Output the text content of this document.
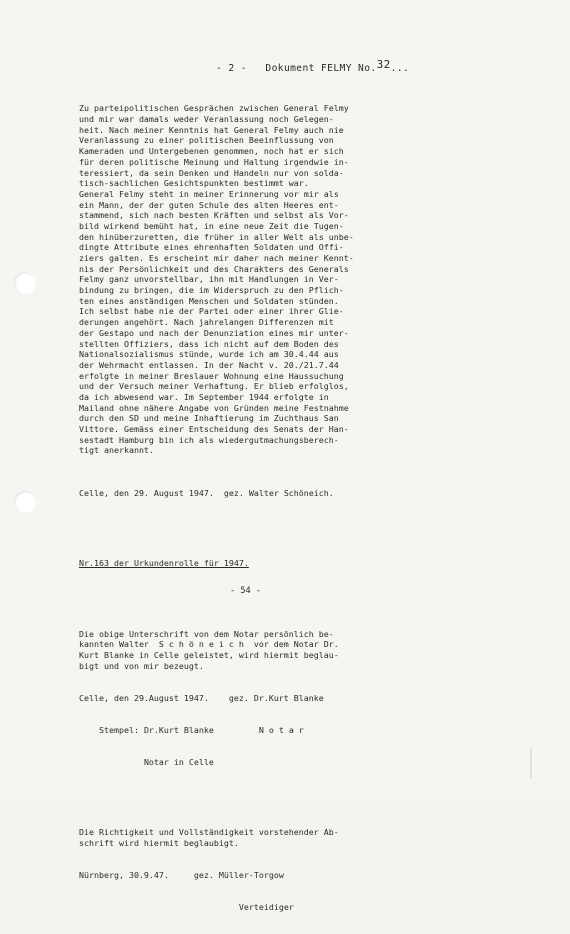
- 2 - Dokument FELMY No.32...

Zu parteipolitischen Gesprächen zwischen General Felmy
und mir war damals weder Veranlassung noch Gelegen-
heit. Nach meiner Kenntnis hat General Felmy auch nie
Veranlassung zu einer politischen Beeinflussung von
Kameraden und Untergebenen genommen, noch hat er sich
für deren politische Meinung und Haltung irgendwie in-
teressiert, da sein Denken und Handeln nur von solda-
tisch-sachlichen Gesichtspunkten bestimmt war.
General Felmy steht in meiner Erinnerung vor mir als
ein Mann, der der guten Schule des alten Heeres ent-
stammend, sich nach besten Kräften und selbst als Vor-
bild wirkend bemüht hat, in eine neue Zeit die Tugen-
den hinüberzuretten, die früher in aller Welt als unbe-
dingte Attribute eines ehrenhaften Soldaten und Offi-
ziers galten. Es erscheint mir daher nach meiner Kennt-
nis der Persönlichkeit und des Charakters des Generals
Felmy ganz unvorstellbar, ihn mit Handlungen in Ver-
bindung zu bringen, die im Widerspruch zu den Pflich-
ten eines anständigen Menschen und Soldaten stünden.
Ich selbst habe nie der Partei oder einer ihrer Glie-
derungen angehört. Nach jahrelangen Differenzen mit
der Gestapo und nach der Denunziation eines mir unter-
stellten Offiziers, dass ich nicht auf dem Boden des
Nationalsozialismus stünde, wurde ich am 30.4.44 aus
der Wehrmacht entlassen. In der Nacht v. 20./21.7.44
erfolgte in meiner Breslauer Wohnung eine Haussuchung
und der Versuch meiner Verhaftung. Er blieb erfolglos,
da ich abwesend war. Im September 1944 erfolgte in
Mailand ohne nähere Angabe von Gründen meine Festnahme
durch den SD und meine Inhaftierung im Zuchthaus San
Vittore. Gemäss einer Entscheidung des Senats der Han-
sestadt Hamburg bin ich als wiedergutmachungsberech-
tigt anerkannt.

Celle, den 29. August 1947. gez. Walter Schöneich.

Nr.163 der Urkundenrolle für 1947.

Die obige Unterschrift von dem Notar persönlich be-
kannten Walter  S c h ö n e i c h  vor dem Notar Dr.
Kurt Blanke in Celle geleistet, wird hiermit beglau-
bigt und von mir bezeugt.

Celle, den 29.August 1947. gez. Dr.Kurt Blanke

Stempel: Dr.Kurt Blanke	N o t a r

Notar in Celle

Die Richtigkeit und Vollständigkeit vorstehender Ab-
schrift wird hiermit beglaubigt.

Nürnberg, 30.9.47.	gez. Müller-Torgow

Verteidiger

- 54 -
